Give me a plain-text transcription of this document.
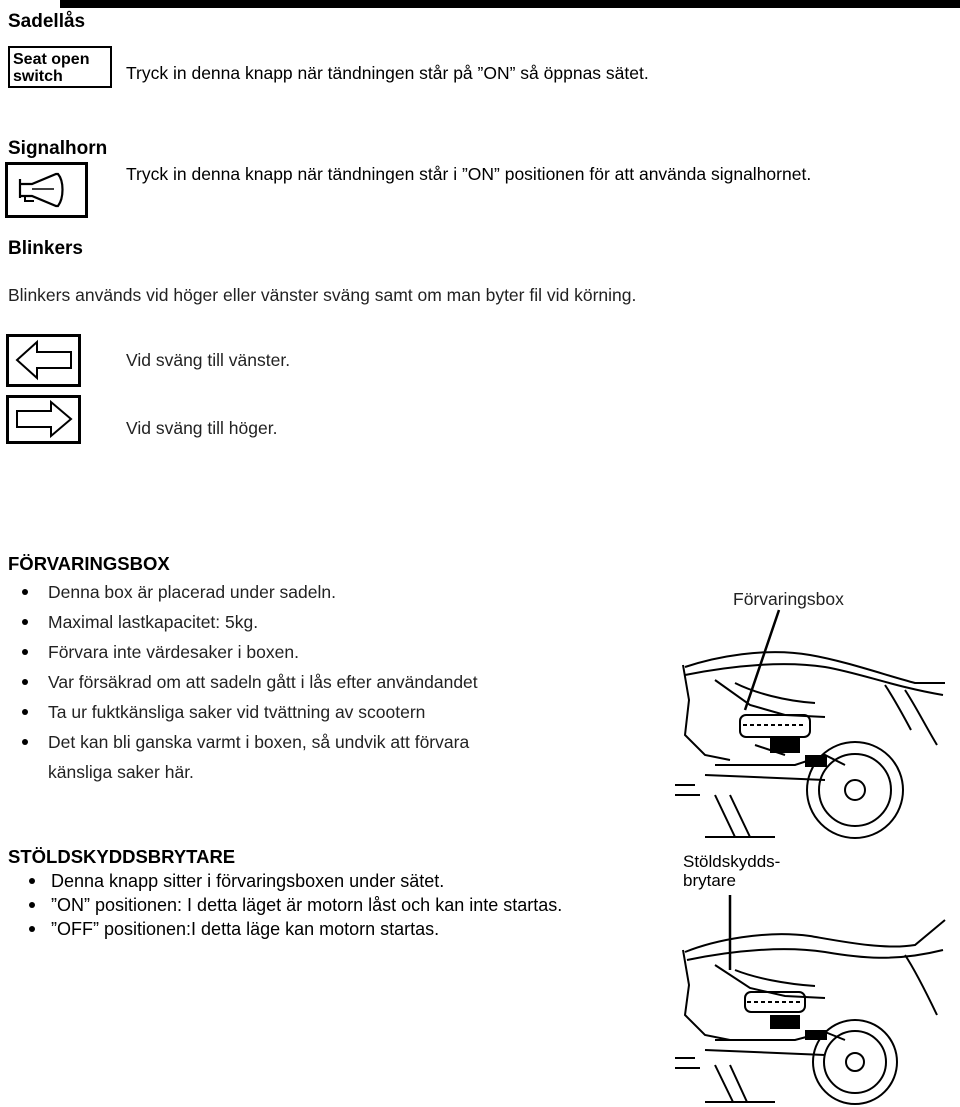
Sadellås
Seat open
switch	Tryck in denna knapp när tändningen står på ”ON” så öppnas sätet.
Signalhorn
Tryck in denna knapp när tändningen står i ”ON” positionen för att använda signalhornet.
Blinkers
Blinkers används vid höger eller vänster sväng samt om man byter fil vid körning.
Vid sväng till vänster.
Vid sväng till höger.
FÖRVARINGSBOX
Denna box är placerad under sadeln.
Maximal lastkapacitet: 5kg.
Förvara inte värdesaker i boxen.
Var försäkrad om att sadeln gått i lås efter användandet
Ta ur fuktkänsliga saker vid tvättning av scootern
Det kan bli ganska varmt i boxen, så undvik att förvara
känsliga saker här.
Förvaringsbox
STÖLDSKYDDSBRYTARE
Denna knapp sitter i förvaringsboxen under sätet.
”ON” positionen: I detta läget är motorn låst och kan inte startas.
”OFF” positionen:I detta läge kan motorn startas.
Stöldskydds-
brytare
